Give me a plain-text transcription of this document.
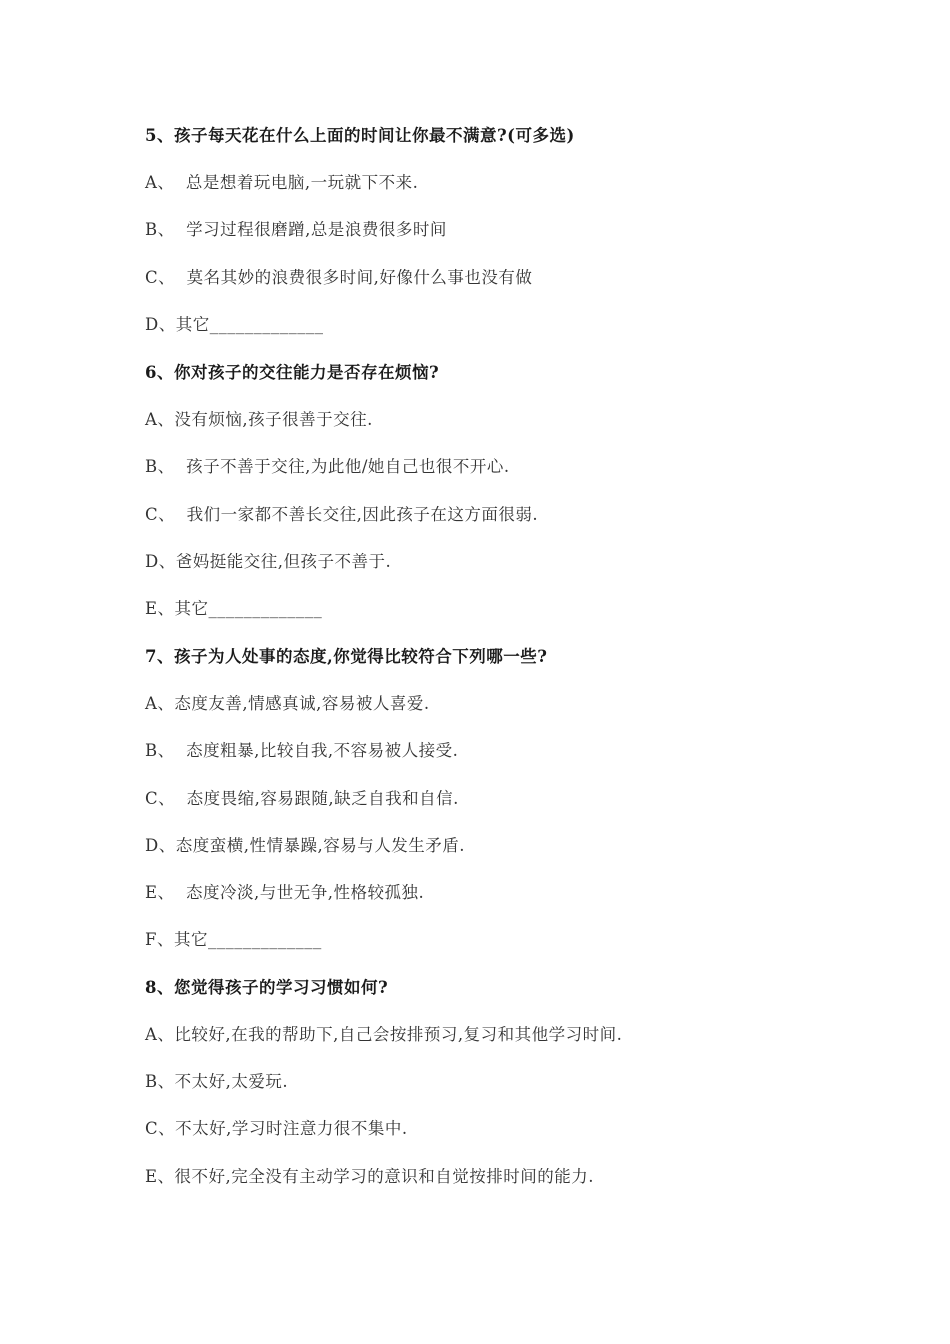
5、孩子每天花在什么上面的时间让你最不满意?(可多选)
A、  总是想着玩电脑,一玩就下不来.
B、  学习过程很磨蹭,总是浪费很多时间
C、  莫名其妙的浪费很多时间,好像什么事也没有做
D、其它_____________
6、你对孩子的交往能力是否存在烦恼?
A、没有烦恼,孩子很善于交往.
B、  孩子不善于交往,为此他/她自己也很不开心.
C、  我们一家都不善长交往,因此孩子在这方面很弱.
D、爸妈挺能交往,但孩子不善于.
E、其它_____________
7、孩子为人处事的态度,你觉得比较符合下列哪一些?
A、态度友善,情感真诚,容易被人喜爱.
B、  态度粗暴,比较自我,不容易被人接受.
C、  态度畏缩,容易跟随,缺乏自我和自信.
D、态度蛮横,性情暴躁,容易与人发生矛盾.
E、  态度冷淡,与世无争,性格较孤独.
F、其它_____________
8、您觉得孩子的学习习惯如何?
A、比较好,在我的帮助下,自己会按排预习,复习和其他学习时间.
B、不太好,太爱玩.
C、不太好,学习时注意力很不集中.
E、很不好,完全没有主动学习的意识和自觉按排时间的能力.
